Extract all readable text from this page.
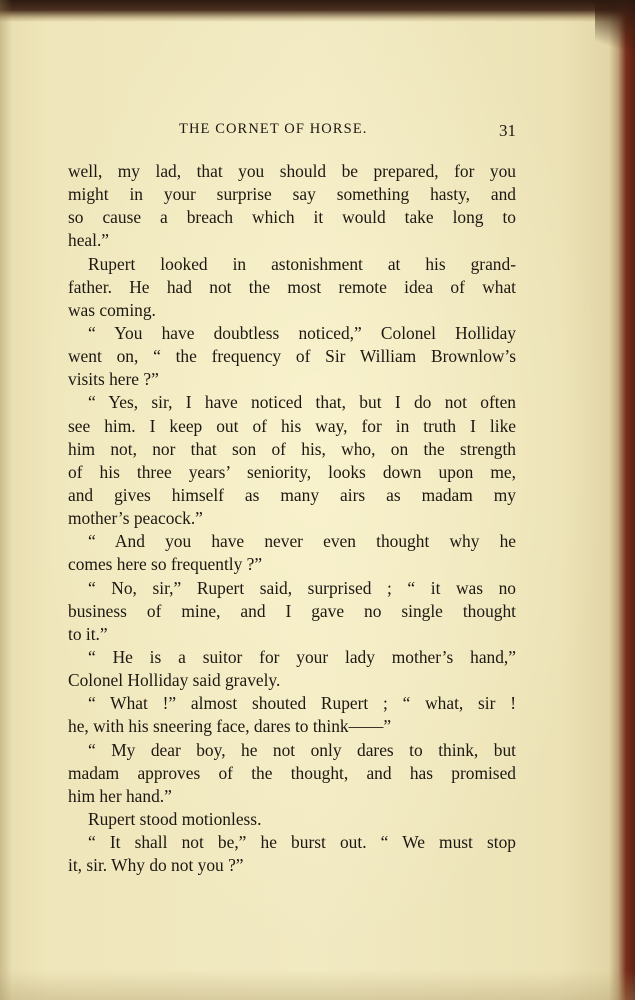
THE CORNET OF HORSE.	31
well, my lad, that you should be prepared, for you
might in your surprise say something hasty, and
so cause a breach which it would take long to
heal.”
Rupert looked in astonishment at his grand-
father. He had not the most remote idea of what
was coming.
“ You have doubtless noticed,” Colonel Holliday
went on, “ the frequency of Sir William Brownlow’s
visits here ?”
“ Yes, sir, I have noticed that, but I do not often
see him. I keep out of his way, for in truth I like
him not, nor that son of his, who, on the strength
of his three years’ seniority, looks down upon me,
and gives himself as many airs as madam my
mother’s peacock.”
“ And you have never even thought why he
comes here so frequently ?”
“ No, sir,” Rupert said, surprised ; “ it was no
business of mine, and I gave no single thought
to it.”
“ He is a suitor for your lady mother’s hand,”
Colonel Holliday said gravely.
“ What !” almost shouted Rupert ; “ what, sir !
he, with his sneering face, dares to think——”
“ My dear boy, he not only dares to think, but
madam approves of the thought, and has promised
him her hand.”
Rupert stood motionless.
“ It shall not be,” he burst out. “ We must stop
it, sir. Why do not you ?”
